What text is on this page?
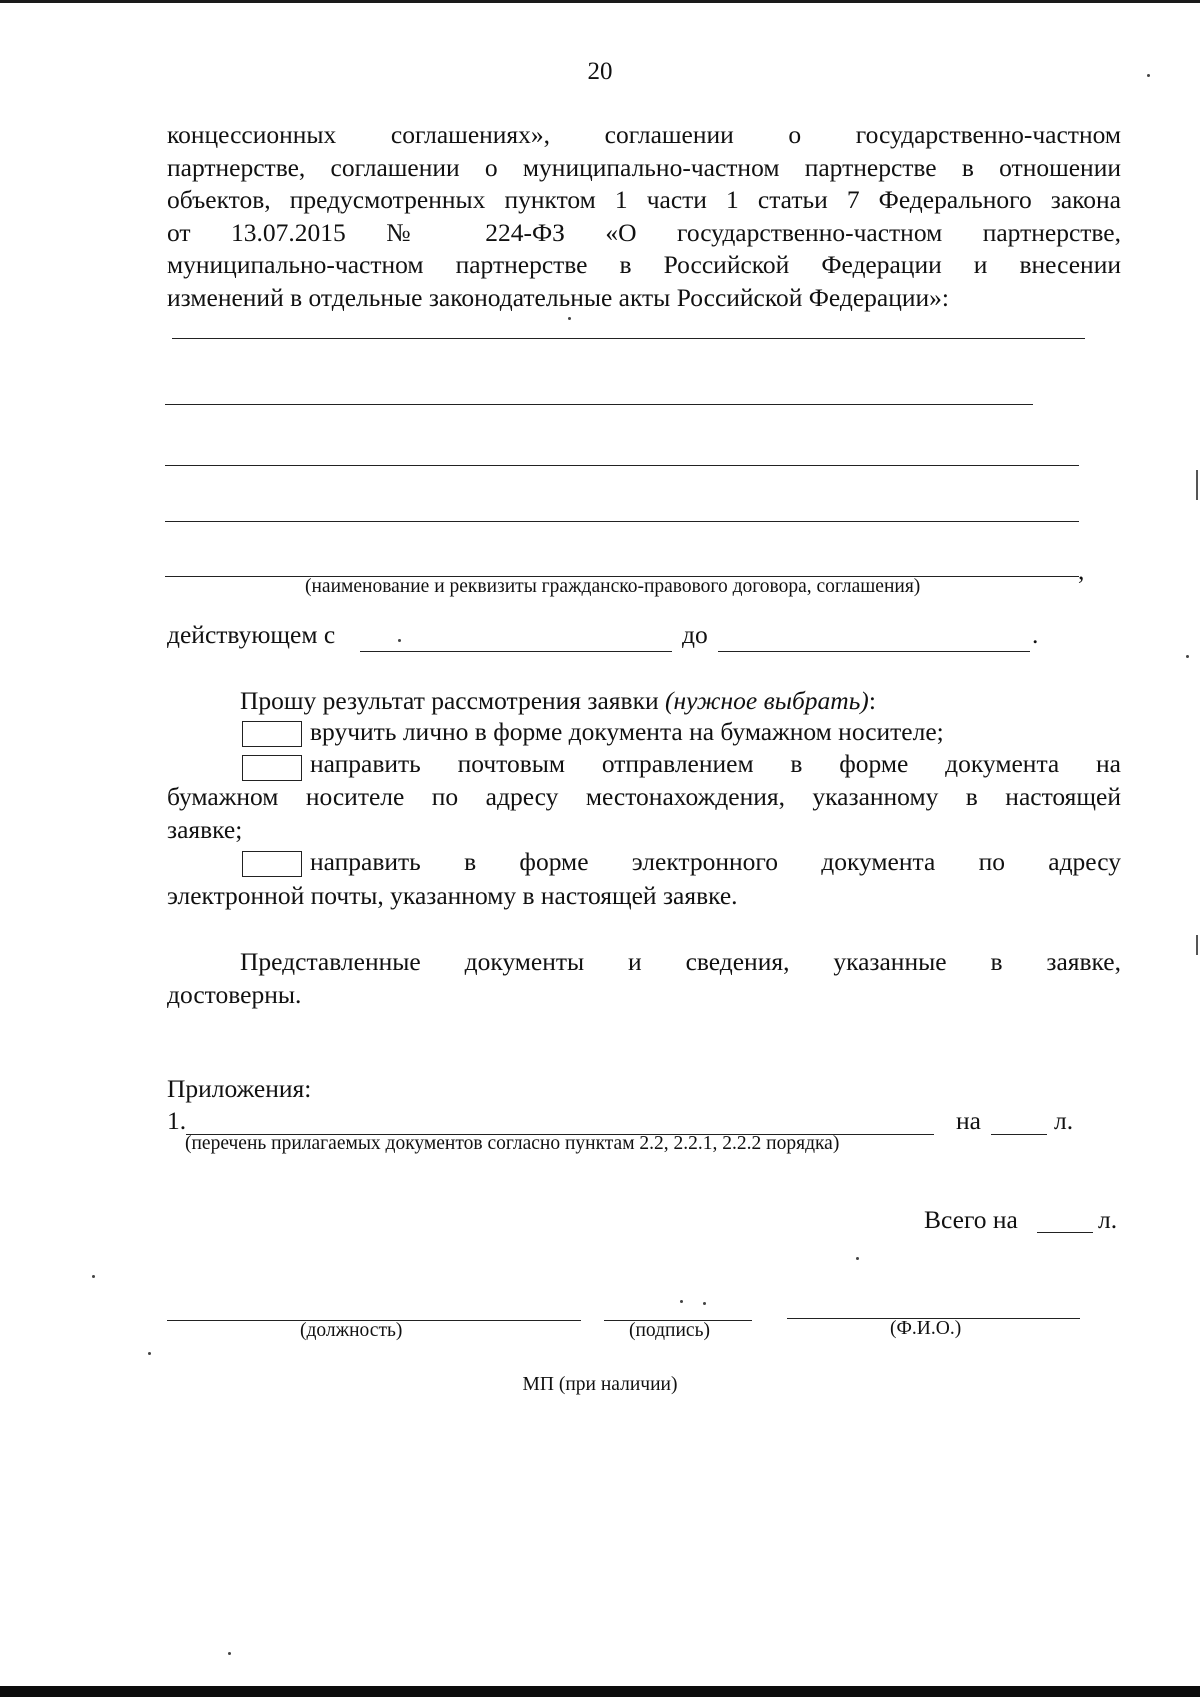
20
концессионных соглашениях», соглашении о государственно-частном
партнерстве, соглашении о муниципально-частном партнерстве в отношении
объектов, предусмотренных пунктом 1 части 1 статьи 7 Федерального закона
от 13.07.2015 № 224-ФЗ «О государственно-частном партнерстве,
муниципально-частном партнерстве в Российской Федерации и внесении
изменений в отдельные законодательные акты Российской Федерации»:
,
(наименование и реквизиты гражданско-правового договора, соглашения)
действующем с	до	.
Прошу результат рассмотрения заявки (нужное выбрать):
вручить лично в форме документа на бумажном носителе;
направить почтовым отправлением в форме документа на
бумажном носителе по адресу местонахождения, указанному в настоящей
заявке;
направить в форме электронного документа по адресу
электронной почты, указанному в настоящей заявке.
Представленные документы и сведения, указанные в заявке,
достоверны.
Приложения:
1.	на	л.
(перечень прилагаемых документов согласно пунктам 2.2, 2.2.1, 2.2.2 порядка)
Всего на	л.
(должность)	(подпись)	(Ф.И.О.)
МП (при наличии)
